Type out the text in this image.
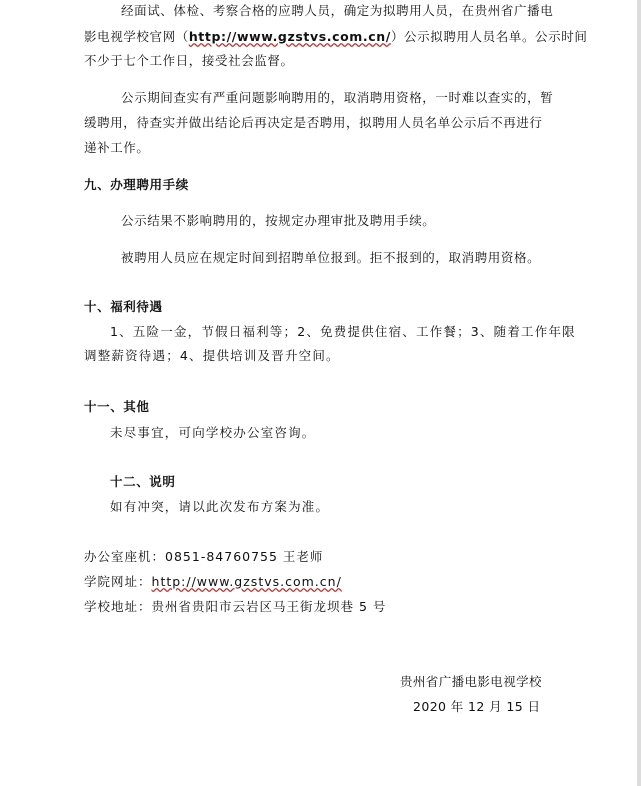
经面试、体检、考察合格的应聘人员，确定为拟聘用人员，在贵州省广播电
影电视学校官网（http://www.gzstvs.com.cn/）公示拟聘用人员名单。公示时间
不少于七个工作日，接受社会监督。
公示期间查实有严重问题影响聘用的，取消聘用资格，一时难以查实的，暂
缓聘用，待查实并做出结论后再决定是否聘用，拟聘用人员名单公示后不再进行
递补工作。
九、办理聘用手续
公示结果不影响聘用的，按规定办理审批及聘用手续。
被聘用人员应在规定时间到招聘单位报到。拒不报到的，取消聘用资格。
十、福利待遇
1、五险一金，节假日福利等；2、免费提供住宿、工作餐；3、随着工作年限
调整薪资待遇；4、提供培训及晋升空间。
十一、其他
未尽事宜，可向学校办公室咨询。
十二、说明
如有冲突，请以此次发布方案为准。
办公室座机：0851-84760755 王老师
学院网址：http://www.gzstvs.com.cn/
学校地址：贵州省贵阳市云岩区马王街龙坝巷 5 号
贵州省广播电影电视学校
2020 年 12 月 15 日
